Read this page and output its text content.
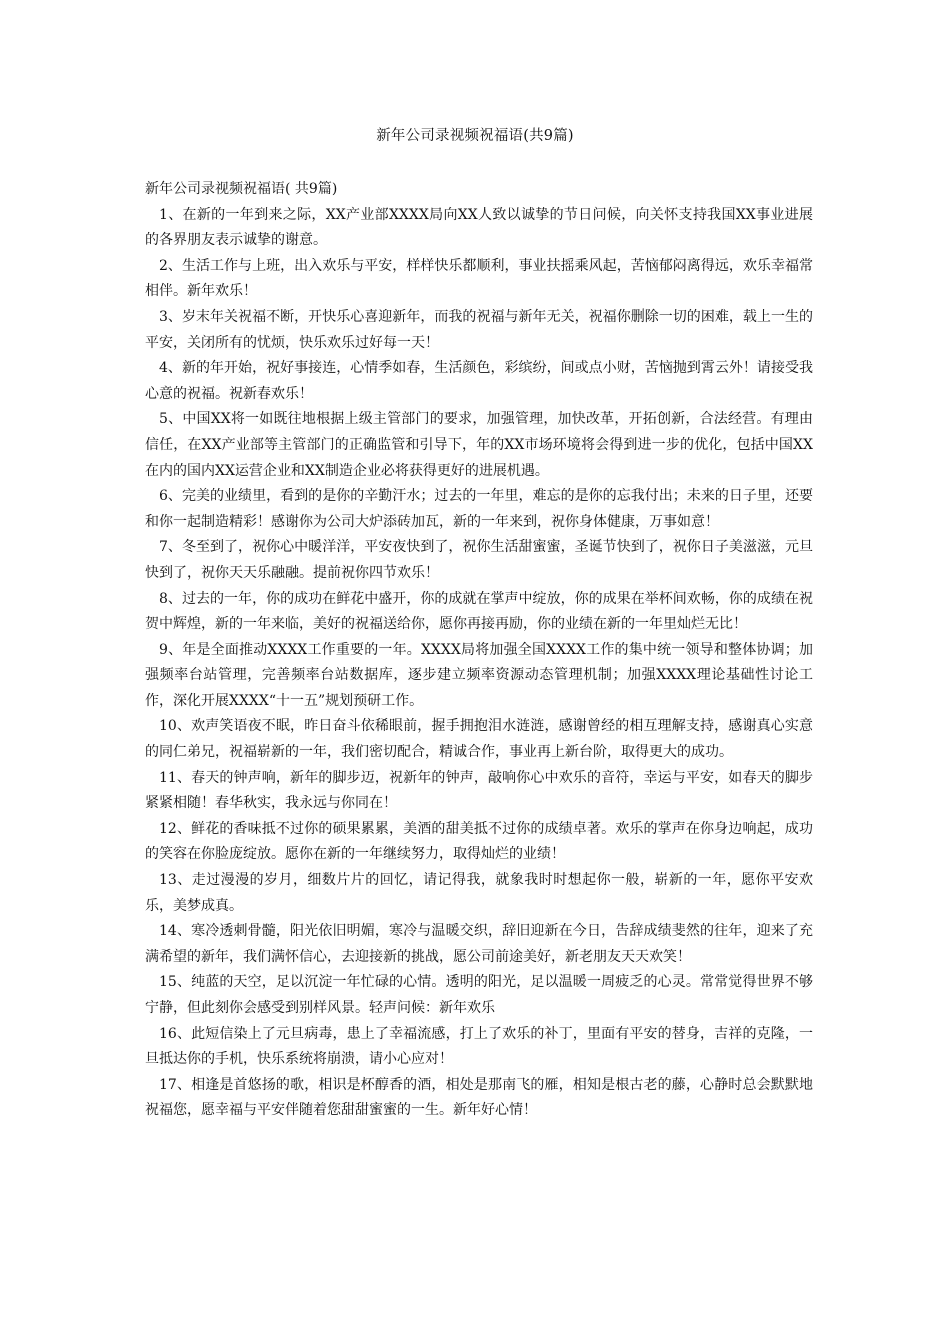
新年公司录视频祝福语(共9篇)

新年公司录视频祝福语( 共9篇)

1、在新的一年到来之际，XX产业部XXXX局向XX人致以诚挚的节日问候，向关怀支持我国XX事业进展的各界朋友表示诚挚的谢意。

2、生活工作与上班，出入欢乐与平安，样样快乐都顺利，事业扶摇乘风起，苦恼郁闷离得远，欢乐幸福常相伴。新年欢乐！

3、岁末年关祝福不断，开快乐心喜迎新年，而我的祝福与新年无关，祝福你删除一切的困难，载上一生的平安，关闭所有的忧烦，快乐欢乐过好每一天！

4、新的年开始，祝好事接连，心情季如春，生活颜色，彩缤纷，间或点小财，苦恼抛到霄云外！请接受我心意的祝福。祝新春欢乐！

5、中国XX将一如既往地根据上级主管部门的要求，加强管理，加快改革，开拓创新，合法经营。有理由信任，在XX产业部等主管部门的正确监管和引导下，年的XX市场环境将会得到进一步的优化，包括中国XX在内的国内XX运营企业和XX制造企业必将获得更好的进展机遇。

6、完美的业绩里，看到的是你的辛勤汗水；过去的一年里，难忘的是你的忘我付出；未来的日子里，还要和你一起制造精彩！感谢你为公司大炉添砖加瓦，新的一年来到，祝你身体健康，万事如意！

7、冬至到了，祝你心中暖洋洋，平安夜快到了，祝你生活甜蜜蜜，圣诞节快到了，祝你日子美滋滋，元旦快到了，祝你天天乐融融。提前祝你四节欢乐！

8、过去的一年，你的成功在鲜花中盛开，你的成就在掌声中绽放，你的成果在举杯间欢畅，你的成绩在祝贺中辉煌，新的一年来临，美好的祝福送给你，愿你再接再励，你的业绩在新的一年里灿烂无比！

9、年是全面推动XXXX工作重要的一年。XXXX局将加强全国XXXX工作的集中统一领导和整体协调；加强频率台站管理，完善频率台站数据库，逐步建立频率资源动态管理机制；加强XXXX理论基础性讨论工作，深化开展XXXX“十一五”规划预研工作。

10、欢声笑语夜不眠，昨日奋斗依稀眼前，握手拥抱泪水涟涟，感谢曾经的相互理解支持，感谢真心实意的同仁弟兄，祝福崭新的一年，我们密切配合，精诚合作，事业再上新台阶，取得更大的成功。

11、春天的钟声响，新年的脚步迈，祝新年的钟声，敲响你心中欢乐的音符，幸运与平安，如春天的脚步紧紧相随！春华秋实，我永远与你同在！

12、鲜花的香味抵不过你的硕果累累，美酒的甜美抵不过你的成绩卓著。欢乐的掌声在你身边响起，成功的笑容在你脸庞绽放。愿你在新的一年继续努力，取得灿烂的业绩！

13、走过漫漫的岁月，细数片片的回忆，请记得我，就象我时时想起你一般，崭新的一年，愿你平安欢乐，美梦成真。

14、寒冷透刺骨髓，阳光依旧明媚，寒冷与温暖交织，辞旧迎新在今日，告辞成绩斐然的往年，迎来了充满希望的新年，我们满怀信心，去迎接新的挑战，愿公司前途美好，新老朋友天天欢笑！

15、纯蓝的天空，足以沉淀一年忙碌的心情。透明的阳光，足以温暖一周疲乏的心灵。常常觉得世界不够宁静，但此刻你会感受到别样风景。轻声问候：新年欢乐

16、此短信染上了元旦病毒，患上了幸福流感，打上了欢乐的补丁，里面有平安的替身，吉祥的克隆，一旦抵达你的手机，快乐系统将崩溃，请小心应对！

17、相逢是首悠扬的歌，相识是杯醇香的酒，相处是那南飞的雁，相知是根古老的藤，心静时总会默默地祝福您，愿幸福与平安伴随着您甜甜蜜蜜的一生。新年好心情！
